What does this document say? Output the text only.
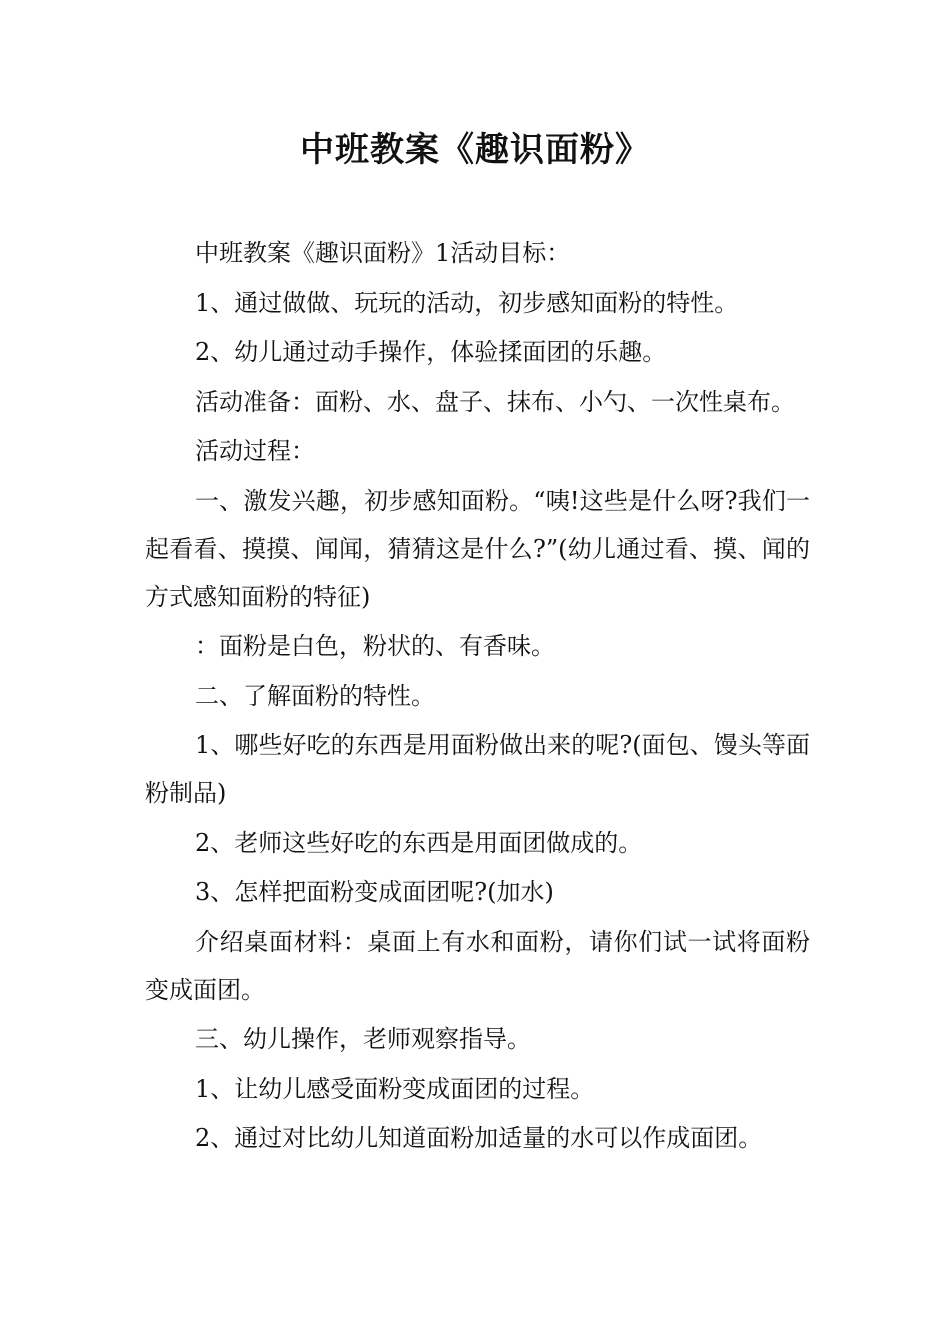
中班教案《趣识面粉》

中班教案《趣识面粉》1活动目标：

1、通过做做、玩玩的活动，初步感知面粉的特性。

2、幼儿通过动手操作，体验揉面团的乐趣。

活动准备：面粉、水、盘子、抹布、小勺、一次性桌布。

活动过程：

一、激发兴趣，初步感知面粉。“咦!这些是什么呀?我们一起看看、摸摸、闻闻，猜猜这是什么?”(幼儿通过看、摸、闻的方式感知面粉的特征)

：面粉是白色，粉状的、有香味。

二、了解面粉的特性。

1、哪些好吃的东西是用面粉做出来的呢?(面包、馒头等面粉制品)

2、老师这些好吃的东西是用面团做成的。

3、怎样把面粉变成面团呢?(加水)

介绍桌面材料：桌面上有水和面粉，请你们试一试将面粉变成面团。

三、幼儿操作，老师观察指导。

1、让幼儿感受面粉变成面团的过程。

2、通过对比幼儿知道面粉加适量的水可以作成面团。
